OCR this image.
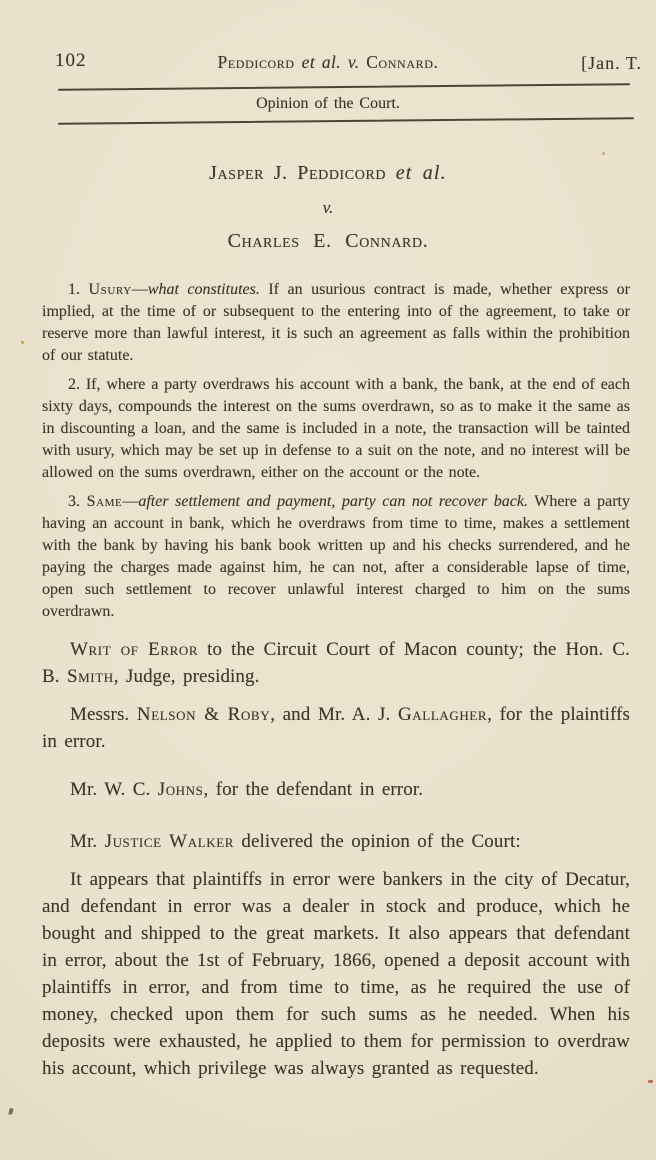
102	Peddicord et al. v. Connard.	[Jan. T.
Opinion of the Court.
Jasper J. Peddicord et al.
v.
Charles E. Connard.

1. Usury—what constitutes. If an usurious contract is made, whether express or implied, at the time of or subsequent to the entering into of the agreement, to take or reserve more than lawful interest, it is such an agreement as falls within the prohibition of our statute.

2. If, where a party overdraws his account with a bank, the bank, at the end of each sixty days, compounds the interest on the sums overdrawn, so as to make it the same as in discounting a loan, and the same is included in a note, the transaction will be tainted with usury, which may be set up in defense to a suit on the note, and no interest will be allowed on the sums overdrawn, either on the account or the note.

3. Same—after settlement and payment, party can not recover back. Where a party having an account in bank, which he overdraws from time to time, makes a settlement with the bank by having his bank book written up and his checks surrendered, and he paying the charges made against him, he can not, after a considerable lapse of time, open such settlement to recover unlawful interest charged to him on the sums overdrawn.

Writ of Error to the Circuit Court of Macon county; the Hon. C. B. Smith, Judge, presiding.

Messrs. Nelson & Roby, and Mr. A. J. Gallagher, for the plaintiffs in error.

Mr. W. C. Johns, for the defendant in error.

Mr. Justice Walker delivered the opinion of the Court:

It appears that plaintiffs in error were bankers in the city of Decatur, and defendant in error was a dealer in stock and produce, which he bought and shipped to the great markets. It also appears that defendant in error, about the 1st of February, 1866, opened a deposit account with plaintiffs in error, and from time to time, as he required the use of money, checked upon them for such sums as he needed. When his deposits were exhausted, he applied to them for permission to overdraw his account, which privilege was always granted as requested.
